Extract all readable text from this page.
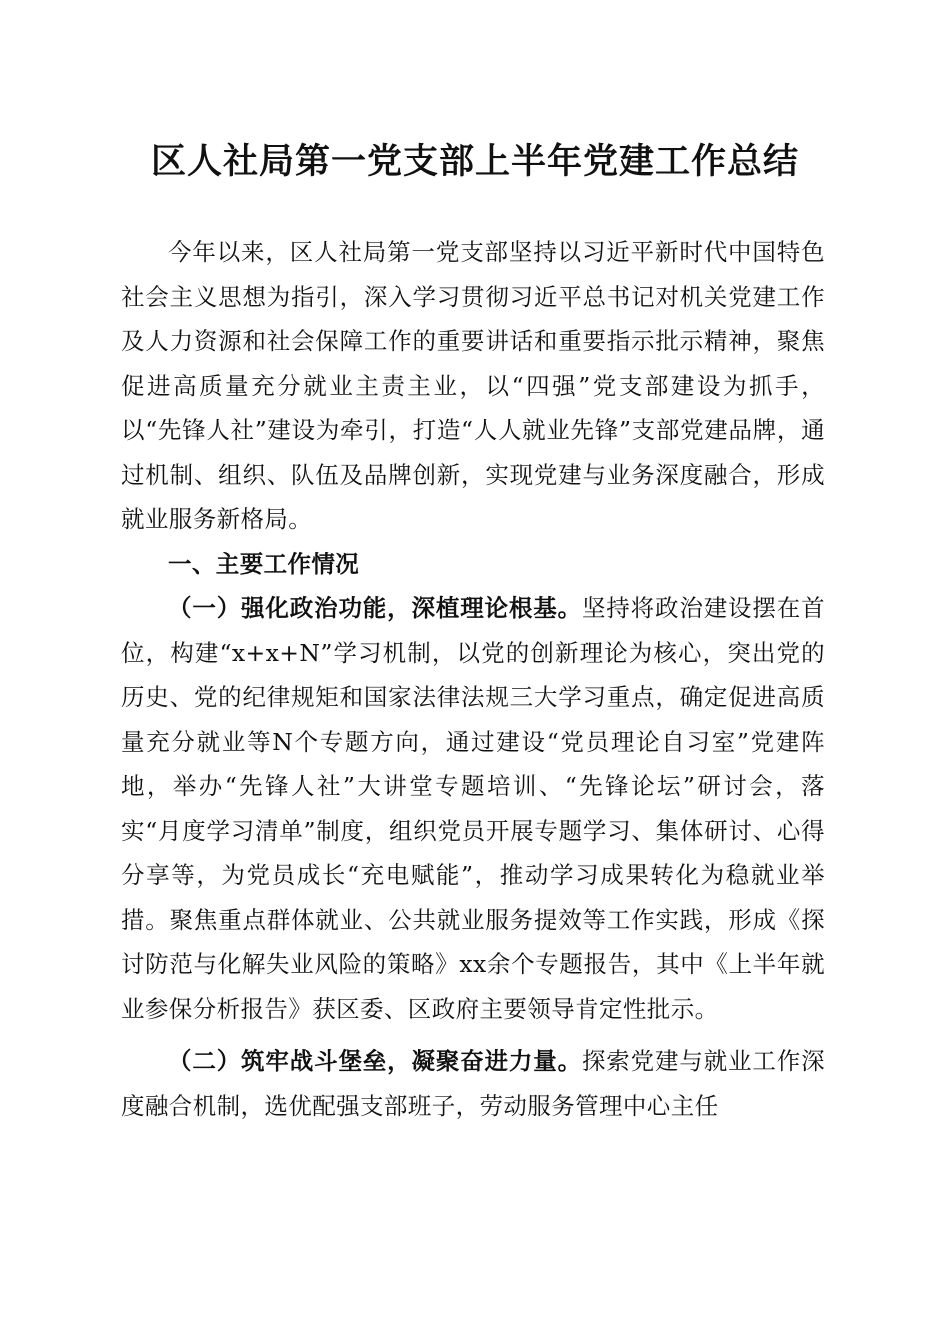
区人社局第一党支部上半年党建工作总结

今年以来，区人社局第一党支部坚持以习近平新时代中国特色社会主义思想为指引，深入学习贯彻习近平总书记对机关党建工作及人力资源和社会保障工作的重要讲话和重要指示批示精神，聚焦促进高质量充分就业主责主业，以“四强”党支部建设为抓手，以“先锋人社”建设为牵引，打造“人人就业先锋”支部党建品牌，通过机制、组织、队伍及品牌创新，实现党建与业务深度融合，形成就业服务新格局。

一、主要工作情况

（一）强化政治功能，深植理论根基。坚持将政治建设摆在首位，构建“x+x+N”学习机制，以党的创新理论为核心，突出党的历史、党的纪律规矩和国家法律法规三大学习重点，确定促进高质量充分就业等N个专题方向，通过建设“党员理论自习室”党建阵地，举办“先锋人社”大讲堂专题培训、“先锋论坛”研讨会，落实“月度学习清单”制度，组织党员开展专题学习、集体研讨、心得分享等，为党员成长“充电赋能”，推动学习成果转化为稳就业举措。聚焦重点群体就业、公共就业服务提效等工作实践，形成《探讨防范与化解失业风险的策略》xx余个专题报告，其中《上半年就业参保分析报告》获区委、区政府主要领导肯定性批示。

（二）筑牢战斗堡垒，凝聚奋进力量。探索党建与就业工作深度融合机制，选优配强支部班子，劳动服务管理中心主任
